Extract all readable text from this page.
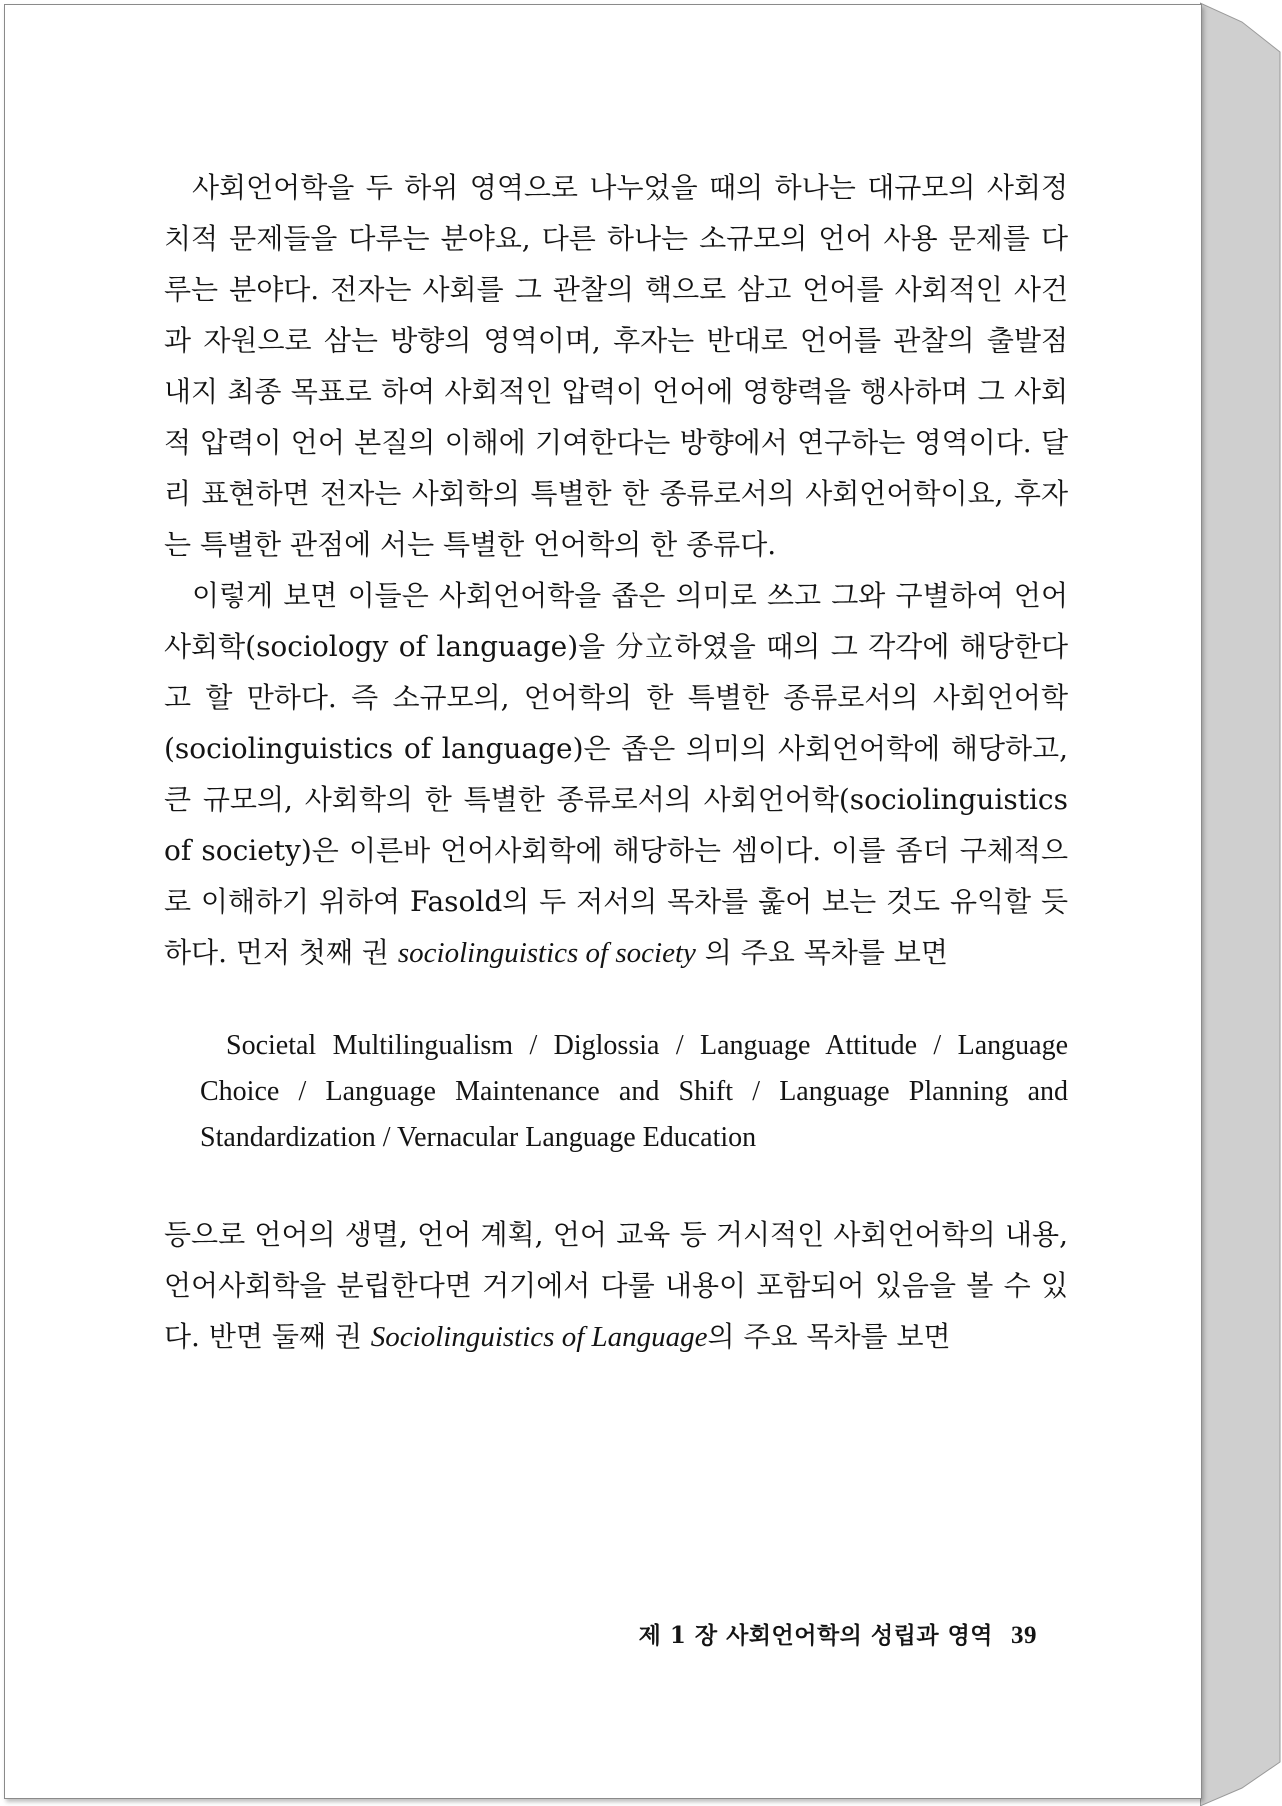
사회언어학을 두 하위 영역으로 나누었을 때의 하나는 대규모의 사회정치적 문제들을 다루는 분야요, 다른 하나는 소규모의 언어 사용 문제를 다루는 분야다. 전자는 사회를 그 관찰의 핵으로 삼고 언어를 사회적인 사건과 자원으로 삼는 방향의 영역이며, 후자는 반대로 언어를 관찰의 출발점 내지 최종 목표로 하여 사회적인 압력이 언어에 영향력을 행사하며 그 사회적 압력이 언어 본질의 이해에 기여한다는 방향에서 연구하는 영역이다. 달리 표현하면 전자는 사회학의 특별한 한 종류로서의 사회언어학이요, 후자는 특별한 관점에 서는 특별한 언어학의 한 종류다.

이렇게 보면 이들은 사회언어학을 좁은 의미로 쓰고 그와 구별하여 언어사회학(sociology of language)을 分立하였을 때의 그 각각에 해당한다고 할 만하다. 즉 소규모의, 언어학의 한 특별한 종류로서의 사회언어학(sociolinguistics of language)은 좁은 의미의 사회언어학에 해당하고, 큰 규모의, 사회학의 한 특별한 종류로서의 사회언어학(sociolinguistics of society)은 이른바 언어사회학에 해당하는 셈이다. 이를 좀더 구체적으로 이해하기 위하여 Fasold의 두 저서의 목차를 훑어 보는 것도 유익할 듯하다. 먼저 첫째 권 sociolinguistics of society 의 주요 목차를 보면

Societal Multilingualism / Diglossia / Language Attitude / Language Choice / Language Maintenance and Shift / Language Planning and Standardization / Vernacular Language Education

등으로 언어의 생멸, 언어 계획, 언어 교육 등 거시적인 사회언어학의 내용, 언어사회학을 분립한다면 거기에서 다룰 내용이 포함되어 있음을 볼 수 있다. 반면 둘째 권 Sociolinguistics of Language의 주요 목차를 보면

제 1 장 사회언어학의 성립과 영역 39
